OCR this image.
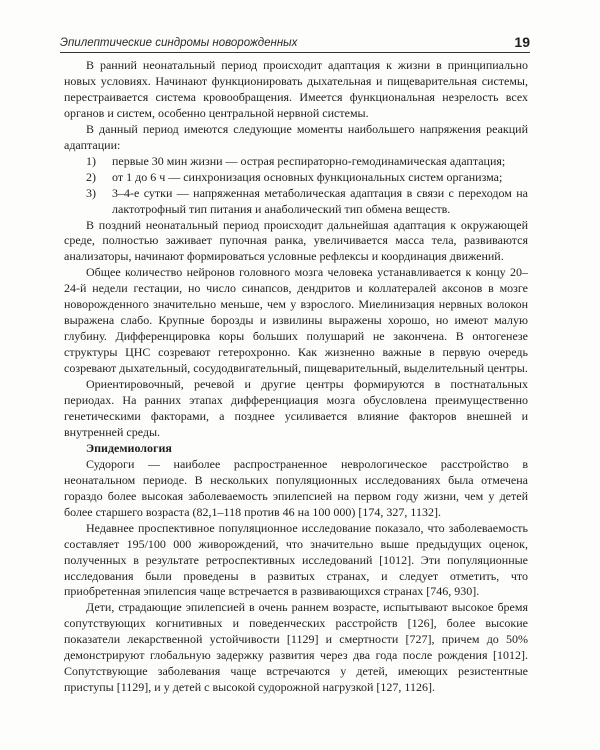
Эпилептические синдромы новорожденных	19

В ранний неонатальный период происходит адаптация к жизни в принципиально новых условиях. Начинают функционировать дыхательная и пищеварительная системы, перестраивается система кровообращения. Имеется функциональная незрелость всех органов и систем, особенно центральной нервной системы.

В данный период имеются следующие моменты наибольшего напряжения реакций адаптации:

1) первые 30 мин жизни — острая респираторно-гемодинамическая адаптация;
2) от 1 до 6 ч — синхронизация основных функциональных систем организма;
3) 3–4-е сутки — напряженная метаболическая адаптация в связи с переходом на лактотрофный тип питания и анаболический тип обмена веществ.

В поздний неонатальный период происходит дальнейшая адаптация к окружающей среде, полностью заживает пупочная ранка, увеличивается масса тела, развиваются анализаторы, начинают формироваться условные рефлексы и координация движений.

Общее количество нейронов головного мозга человека устанавливается к концу 20–24-й недели гестации, но число синапсов, дендритов и коллатералей аксонов в мозге новорожденного значительно меньше, чем у взрослого. Миелинизация нервных волокон выражена слабо. Крупные борозды и извилины выражены хорошо, но имеют малую глубину. Дифференцировка коры больших полушарий не закончена. В онтогенезе структуры ЦНС созревают гетерохронно. Как жизненно важные в первую очередь созревают дыхательный, сосудодвигательный, пищеварительный, выделительный центры.

Ориентировочный, речевой и другие центры формируются в постнатальных периодах. На ранних этапах дифференциация мозга обусловлена преимущественно генетическими факторами, а позднее усиливается влияние факторов внешней и внутренней среды.

Эпидемиология

Судороги — наиболее распространенное неврологическое расстройство в неонатальном периоде. В нескольких популяционных исследованиях была отмечена гораздо более высокая заболеваемость эпилепсией на первом году жизни, чем у детей более старшего возраста (82,1–118 против 46 на 100 000) [174, 327, 1132].

Недавнее проспективное популяционное исследование показало, что заболеваемость составляет 195/100 000 живорождений, что значительно выше предыдущих оценок, полученных в результате ретроспективных исследований [1012]. Эти популяционные исследования были проведены в развитых странах, и следует отметить, что приобретенная эпилепсия чаще встречается в развивающихся странах [746, 930].

Дети, страдающие эпилепсией в очень раннем возрасте, испытывают высокое бремя сопутствующих когнитивных и поведенческих расстройств [126], более высокие показатели лекарственной устойчивости [1129] и смертности [727], причем до 50% демонстрируют глобальную задержку развития через два года после рождения [1012]. Сопутствующие заболевания чаще встречаются у детей, имеющих резистентные приступы [1129], и у детей с высокой судорожной нагрузкой [127, 1126].
